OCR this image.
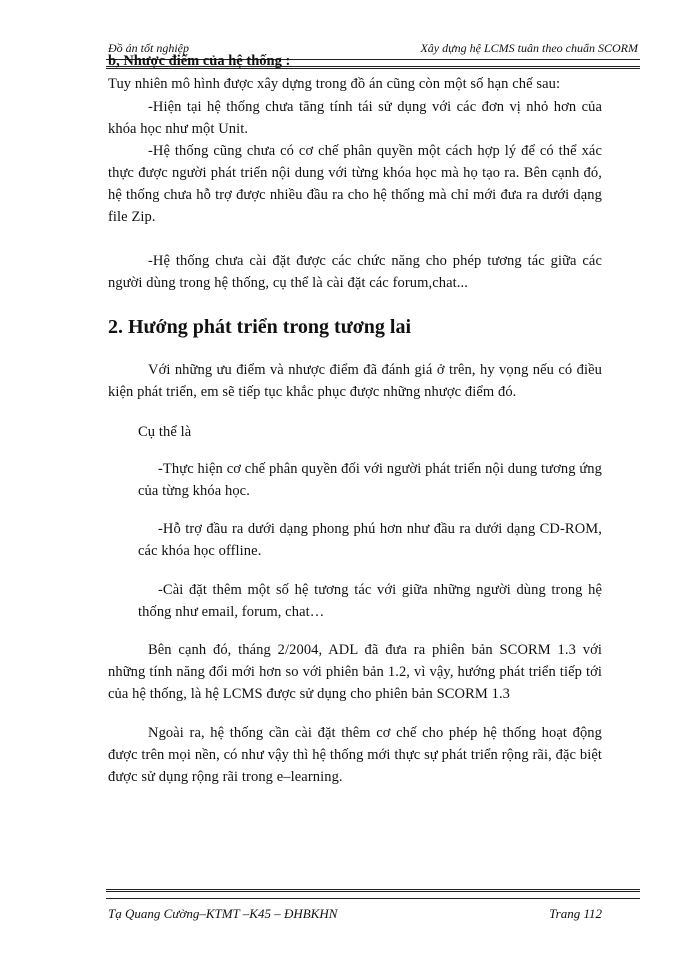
Đồ án tốt nghiệp	Xây dựng hệ LCMS tuân theo chuẩn SCORM
b, Nhược điểm của hệ thống :
Tuy nhiên mô hình được xây dựng trong đồ án cũng còn một số hạn chế sau:
-Hiện tại hệ thống chưa tăng tính tái sử dụng với các đơn vị nhỏ hơn của khóa học như một Unit.
-Hệ thống cũng chưa có cơ chế phân quyền một cách hợp lý để có thể xác thực được người phát triển nội dung với từng khóa học mà họ tạo ra. Bên cạnh đó, hệ thống chưa hỗ trợ được nhiều đầu ra cho hệ thống mà chỉ mới đưa ra dưới dạng file Zip.
-Hệ thống chưa cài đặt được các chức năng cho phép tương tác giữa các người dùng trong hệ thống, cụ thể là cài đặt các forum,chat...
2. Hướng phát triển trong tương lai
Với những ưu điểm và nhược điểm đã đánh giá ở trên, hy vọng nếu có điều kiện phát triển, em sẽ tiếp tục khắc phục được những nhược điểm đó.
Cụ thể là
-Thực hiện cơ chế phân quyền đối với người phát triển nội dung tương ứng của từng khóa học.
-Hỗ trợ đầu ra dưới dạng phong phú hơn như đầu ra dưới dạng CD-ROM, các khóa học offline.
-Cài đặt thêm một số hệ tương tác với giữa những người dùng trong hệ thống như email, forum, chat…
Bên cạnh đó, tháng 2/2004, ADL đã đưa ra phiên bản SCORM 1.3 với những tính năng đổi mới hơn so với phiên bản 1.2, vì vậy, hướng phát triển tiếp tới của hệ thống, là hệ LCMS được sử dụng cho phiên bản SCORM 1.3
Ngoài ra, hệ thống cần cài đặt thêm cơ chế cho phép hệ thống hoạt động được trên mọi nền, có như vậy thì hệ thống mới thực sự phát triển rộng rãi, đặc biệt được sử dụng rộng rãi trong e–learning.
Tạ Quang Cường–KTMT –K45 – ĐHBKHN	Trang 112
